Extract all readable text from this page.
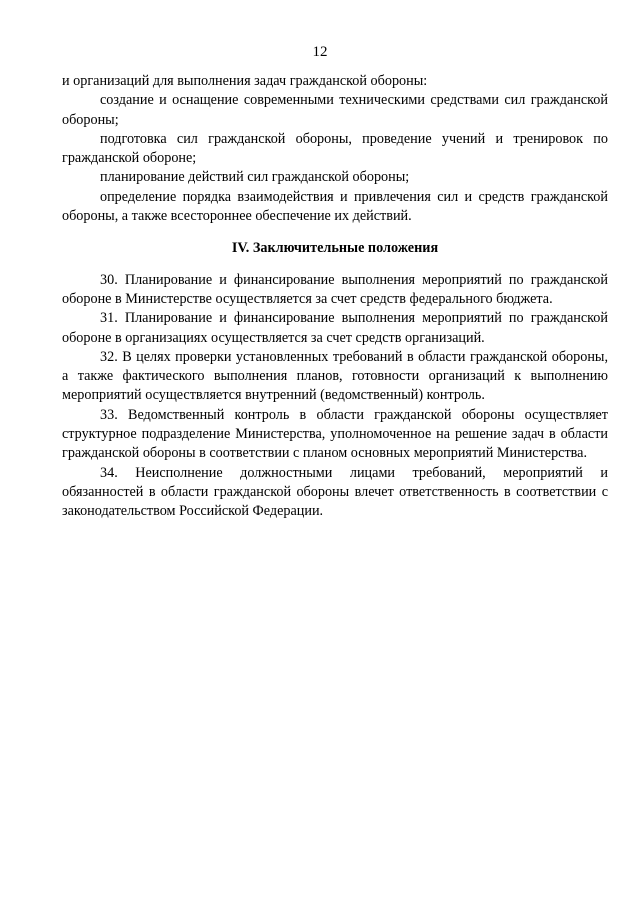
12

и организаций для выполнения задач гражданской обороны:

создание и оснащение современными техническими средствами сил гражданской обороны;

подготовка сил гражданской обороны, проведение учений и тренировок по гражданской обороне;

планирование действий сил гражданской обороны;

определение порядка взаимодействия и привлечения сил и средств гражданской обороны, а также всестороннее обеспечение их действий.

IV. Заключительные положения

30. Планирование и финансирование выполнения мероприятий по гражданской обороне в Министерстве осуществляется за счет средств федерального бюджета.

31. Планирование и финансирование выполнения мероприятий по гражданской обороне в организациях осуществляется за счет средств организаций.

32. В целях проверки установленных требований в области гражданской обороны, а также фактического выполнения планов, готовности организаций к выполнению мероприятий осуществляется внутренний (ведомственный) контроль.

33. Ведомственный контроль в области гражданской обороны осуществляет структурное подразделение Министерства, уполномоченное на решение задач в области гражданской обороны в соответствии с планом основных мероприятий Министерства.

34. Неисполнение должностными лицами требований, мероприятий и обязанностей в области гражданской обороны влечет ответственность в соответствии с законодательством Российской Федерации.
